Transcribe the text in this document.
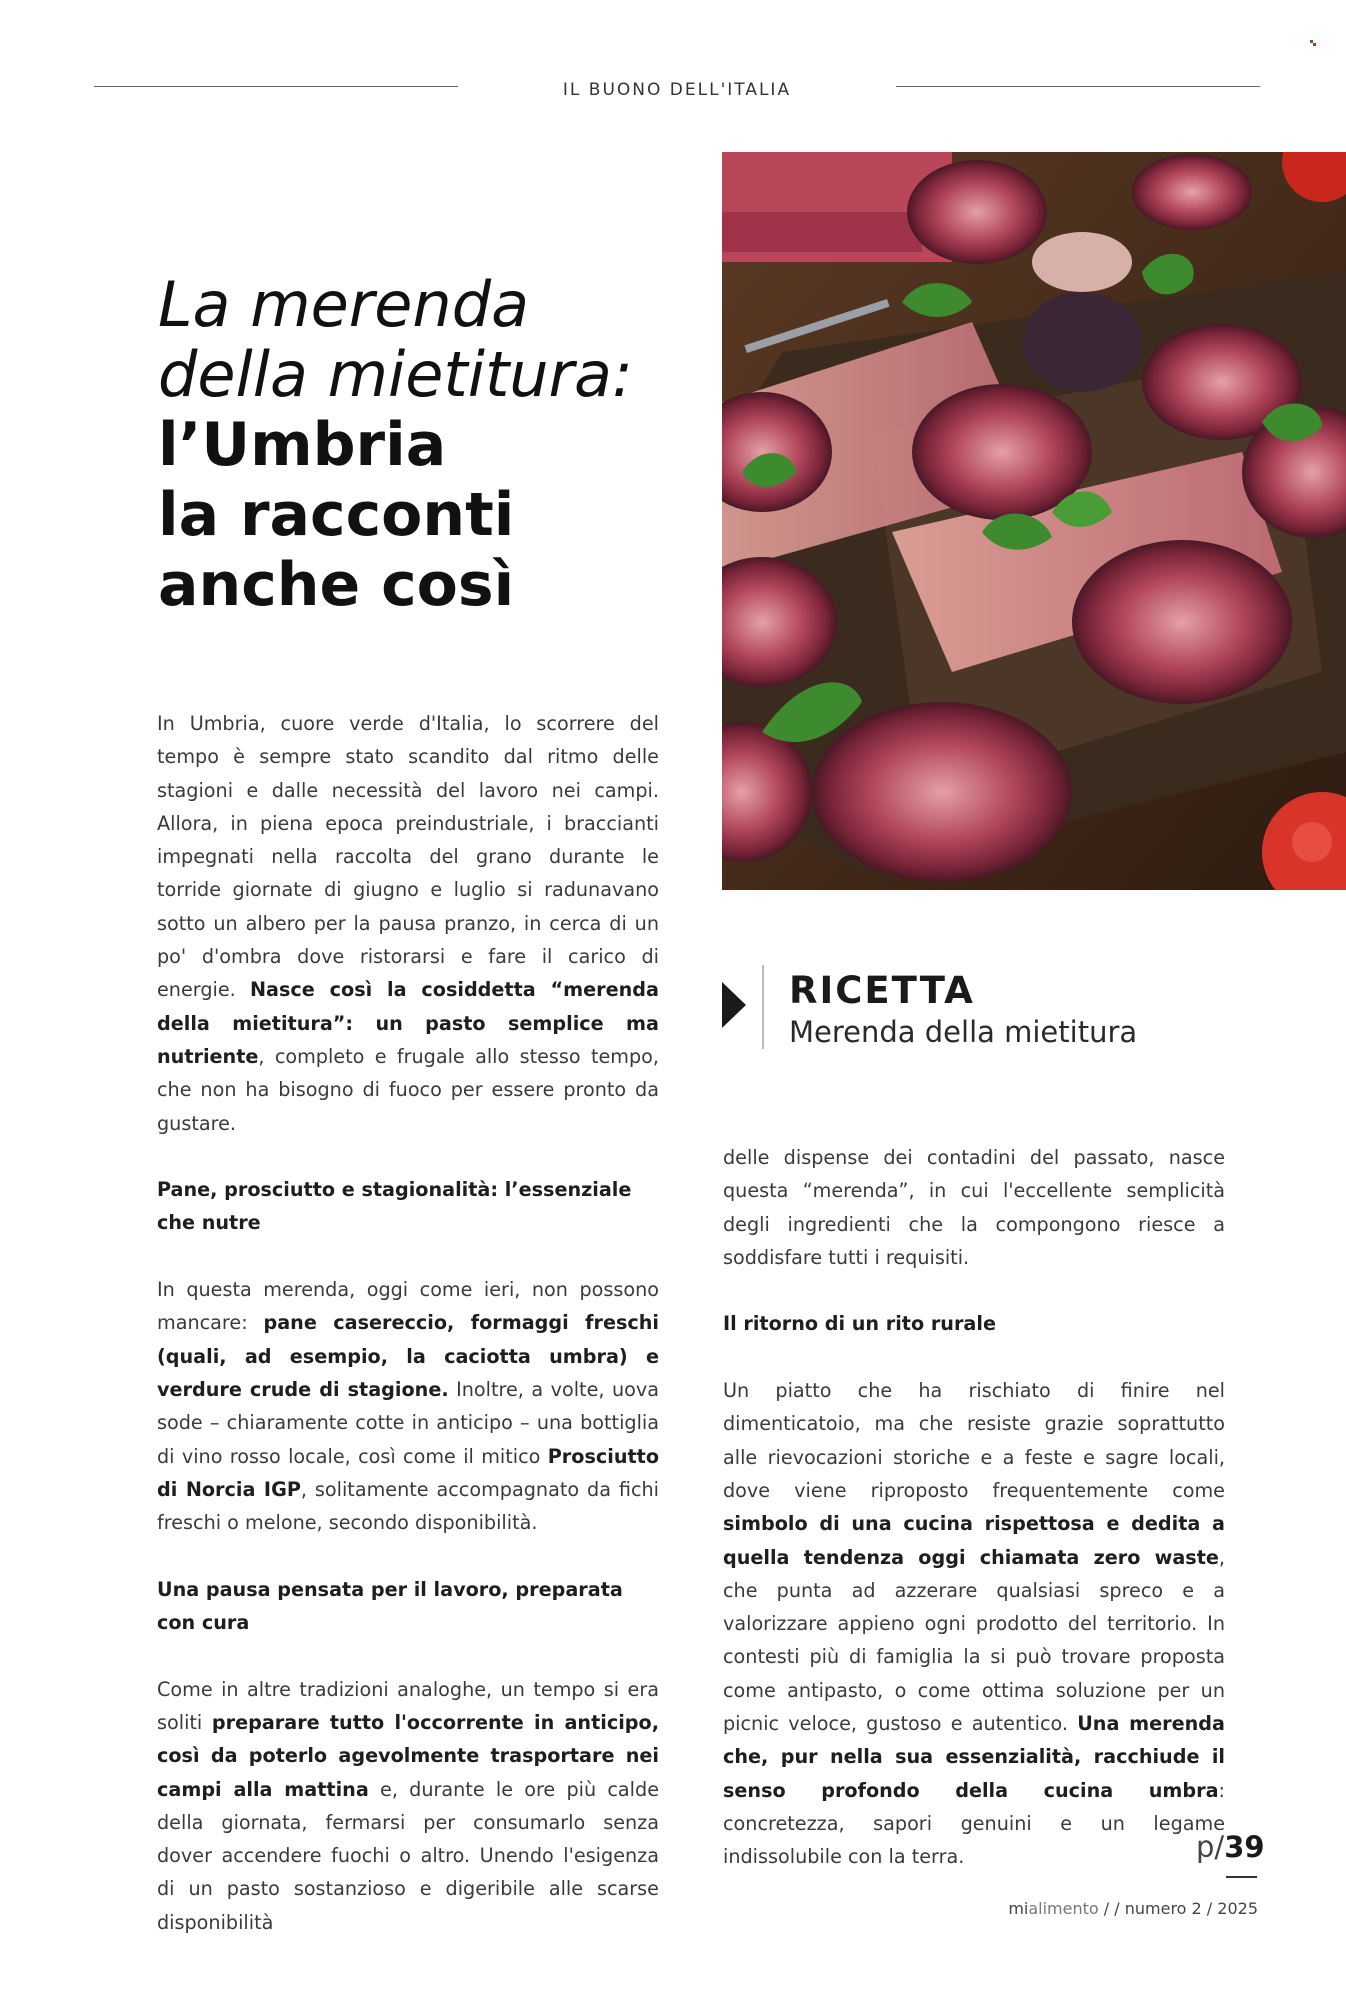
IL BUONO DELL'ITALIA
La merenda
della mietitura:
l’Umbria
la racconti
anche così
RICETTA
Merenda della mietitura

In Umbria, cuore verde d'Italia, lo scorrere del tempo è sempre stato scandito dal ritmo delle stagioni e dalle necessità del lavoro nei campi. Allora, in piena epoca preindustriale, i braccianti impegnati nella raccolta del grano durante le torride giornate di giugno e luglio si radunavano sotto un albero per la pausa pranzo, in cerca di un po' d'ombra dove ristorarsi e fare il carico di energie. Nasce così la cosiddetta “merenda della mietitura”: un pasto semplice ma nutriente, completo e frugale allo stesso tempo, che non ha bisogno di fuoco per essere pronto da gustare.

Pane, prosciutto e stagionalità: l’essenziale che nutre

In questa merenda, oggi come ieri, non possono mancare: pane casereccio, formaggi freschi (quali, ad esempio, la caciotta umbra) e verdure crude di stagione. Inoltre, a volte, uova sode – chiaramente cotte in anticipo – una bottiglia di vino rosso locale, così come il mitico Prosciutto di Norcia IGP, solitamente accompagnato da fichi freschi o melone, secondo disponibilità.

Una pausa pensata per il lavoro, preparata con cura

Come in altre tradizioni analoghe, un tempo si era soliti preparare tutto l'occorrente in anticipo, così da poterlo agevolmente trasportare nei campi alla mattina e, durante le ore più calde della giornata, fermarsi per consumarlo senza dover accendere fuochi o altro. Unendo l'esigenza di un pasto sostanzioso e digeribile alle scarse disponibilità

delle dispense dei contadini del passato, nasce questa “merenda”, in cui l'eccellente semplicità degli ingredienti che la compongono riesce a soddisfare tutti i requisiti.

Il ritorno di un rito rurale

Un piatto che ha rischiato di finire nel dimenticatoio, ma che resiste grazie soprattutto alle rievocazioni storiche e a feste e sagre locali, dove viene riproposto frequentemente come simbolo di una cucina rispettosa e dedita a quella tendenza oggi chiamata zero waste, che punta ad azzerare qualsiasi spreco e a valorizzare appieno ogni prodotto del territorio. In contesti più di famiglia la si può trovare proposta come antipasto, o come ottima soluzione per un picnic veloce, gustoso e autentico. Una merenda che, pur nella sua essenzialità, racchiude il senso profondo della cucina umbra: concretezza, sapori genuini e un legame indissolubile con la terra.	p/39
mialimento / / numero 2 / 2025
